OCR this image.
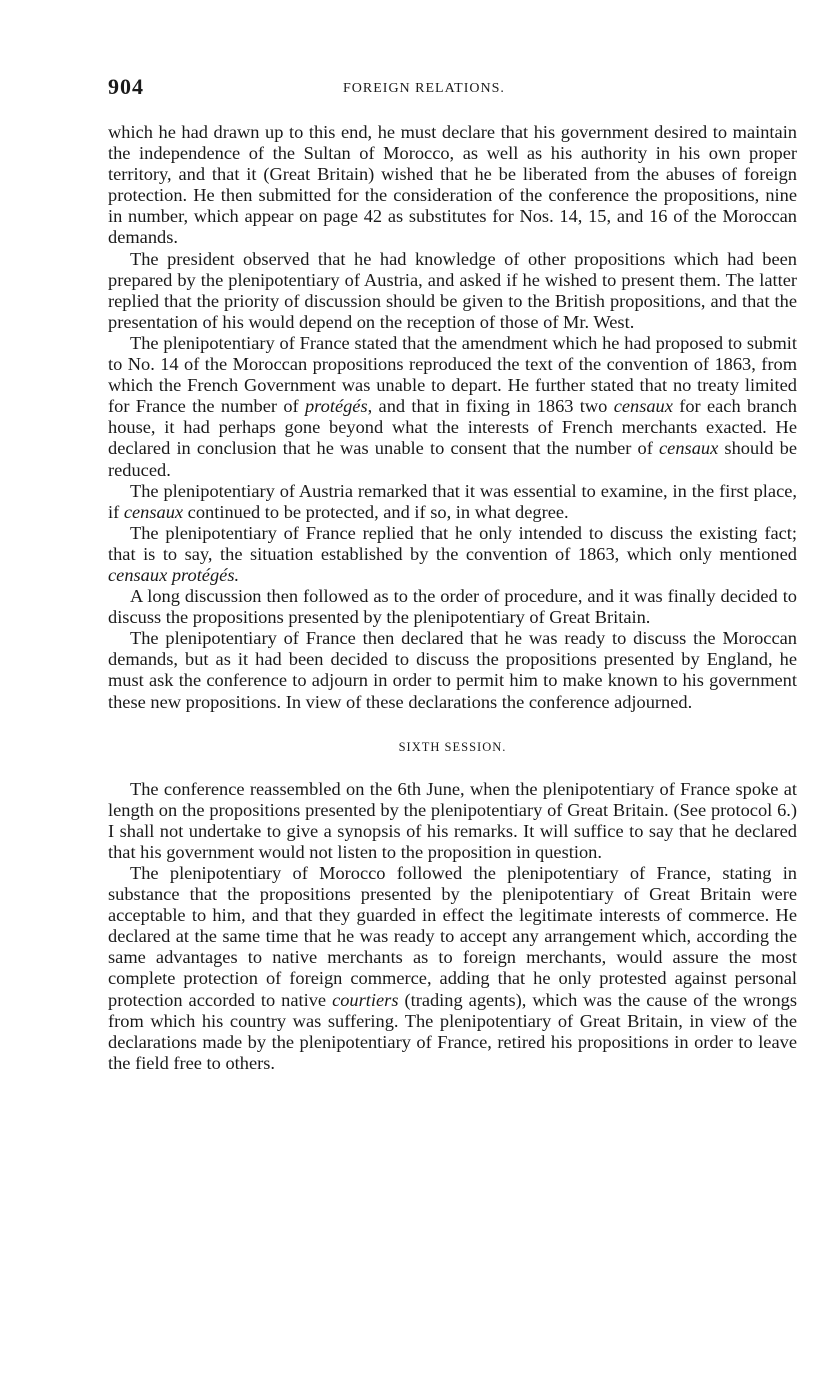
904	FOREIGN RELATIONS.

which he had drawn up to this end, he must declare that his government desired to maintain the independence of the Sultan of Morocco, as well as his authority in his own proper territory, and that it (Great Britain) wished that he be liberated from the abuses of foreign protection. He then submitted for the consideration of the conference the propositions, nine in number, which appear on page 42 as substitutes for Nos. 14, 15, and 16 of the Moroccan demands.

The president observed that he had knowledge of other propositions which had been prepared by the plenipotentiary of Austria, and asked if he wished to present them. The latter replied that the priority of discussion should be given to the British propositions, and that the presentation of his would depend on the reception of those of Mr. West.

The plenipotentiary of France stated that the amendment which he had proposed to submit to No. 14 of the Moroccan propositions reproduced the text of the convention of 1863, from which the French Government was unable to depart. He further stated that no treaty limited for France the number of protégés, and that in fixing in 1863 two censaux for each branch house, it had perhaps gone beyond what the interests of French merchants exacted. He declared in conclusion that he was unable to consent that the number of censaux should be reduced.

The plenipotentiary of Austria remarked that it was essential to examine, in the first place, if censaux continued to be protected, and if so, in what degree.

The plenipotentiary of France replied that he only intended to discuss the existing fact; that is to say, the situation established by the convention of 1863, which only mentioned censaux protégés.

A long discussion then followed as to the order of procedure, and it was finally decided to discuss the propositions presented by the plenipotentiary of Great Britain.

The plenipotentiary of France then declared that he was ready to discuss the Moroccan demands, but as it had been decided to discuss the propositions presented by England, he must ask the conference to adjourn in order to permit him to make known to his government these new propositions. In view of these declarations the conference adjourned.

SIXTH SESSION.

The conference reassembled on the 6th June, when the plenipotentiary of France spoke at length on the propositions presented by the plenipotentiary of Great Britain. (See protocol 6.) I shall not undertake to give a synopsis of his remarks. It will suffice to say that he declared that his government would not listen to the proposition in question.

The plenipotentiary of Morocco followed the plenipotentiary of France, stating in substance that the propositions presented by the plenipotentiary of Great Britain were acceptable to him, and that they guarded in effect the legitimate interests of commerce. He declared at the same time that he was ready to accept any arrangement which, according the same advantages to native merchants as to foreign merchants, would assure the most complete protection of foreign commerce, adding that he only protested against personal protection accorded to native courtiers (trading agents), which was the cause of the wrongs from which his country was suffering. The plenipotentiary of Great Britain, in view of the declarations made by the plenipotentiary of France, retired his propositions in order to leave the field free to others.
